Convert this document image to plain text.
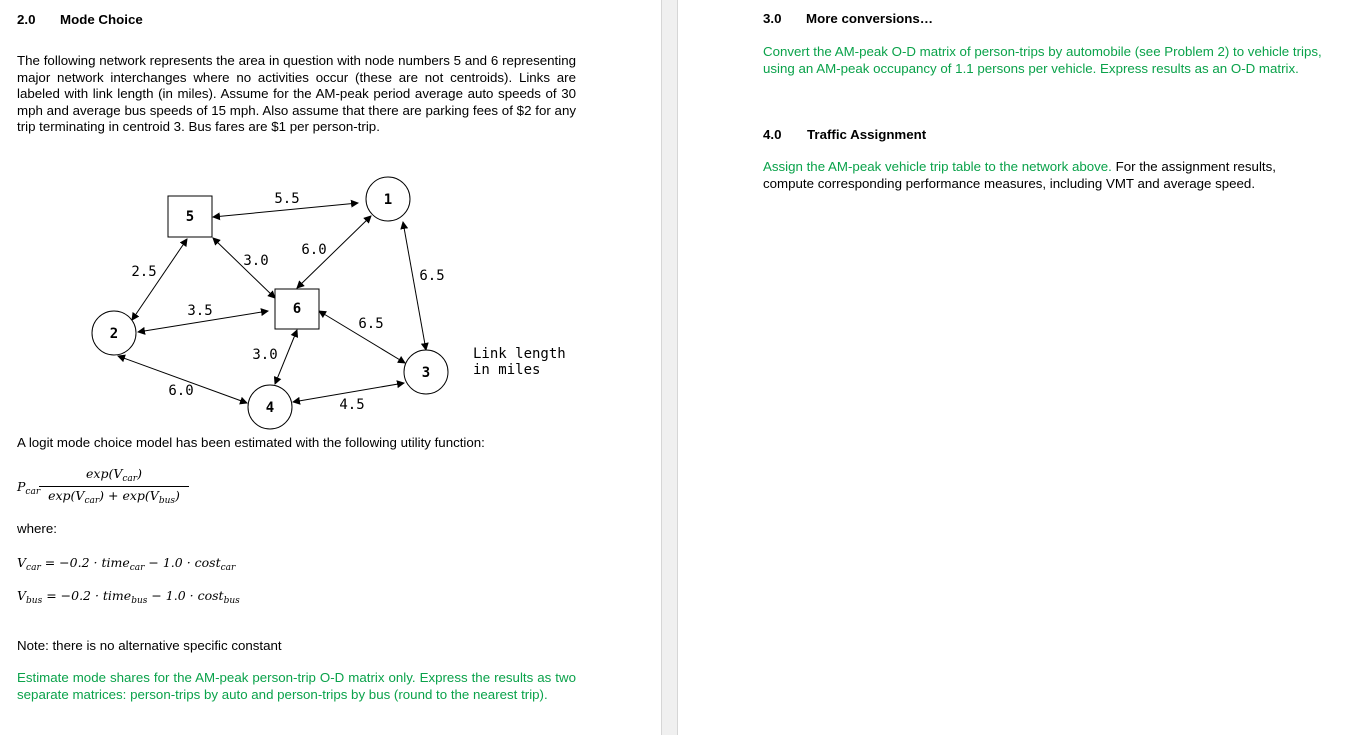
2.0 Mode Choice
The following network represents the area in question with node numbers 5 and 6 representing major network interchanges where no activities occur (these are not centroids). Links are labeled with link length (in miles). Assume for the AM-peak period average auto speeds of 30 mph and average bus speeds of 15 mph. Also assume that there are parking fees of $2 for any trip terminating in centroid 3. Bus fares are $1 per person-trip.
1
2
3
4
5
6
5.5
2.5
3.0
6.0
6.5
3.5
6.5
3.0
6.0
4.5
Link length
in miles
A logit mode choice model has been estimated with the following utility function:
$P_{car}$
$\exp(V_{car})$
$\exp(V_{car}) + \exp(V_{bus})$
where:
$V_{car} = -0.2$ · time$_{car}$ − 1.0 · cost$_{car}$
$V_{bus} = -0.2$ · time$_{bus}$ − 1.0 · cost$_{bus}$
Note: there is no alternative specific constant
Estimate mode shares for the AM-peak person-trip O-D matrix only. Express the results as two separate matrices: person-trips by auto and person-trips by bus (round to the nearest trip).
3.0 More conversions…
Convert the AM-peak O-D matrix of person-trips by automobile (see Problem 2) to vehicle trips, using an AM-peak occupancy of 1.1 persons per vehicle. Express results as an O-D matrix.
4.0 Traffic Assignment
Assign the AM-peak vehicle trip table to the network above. For the assignment results, compute corresponding performance measures, including VMT and average speed.
